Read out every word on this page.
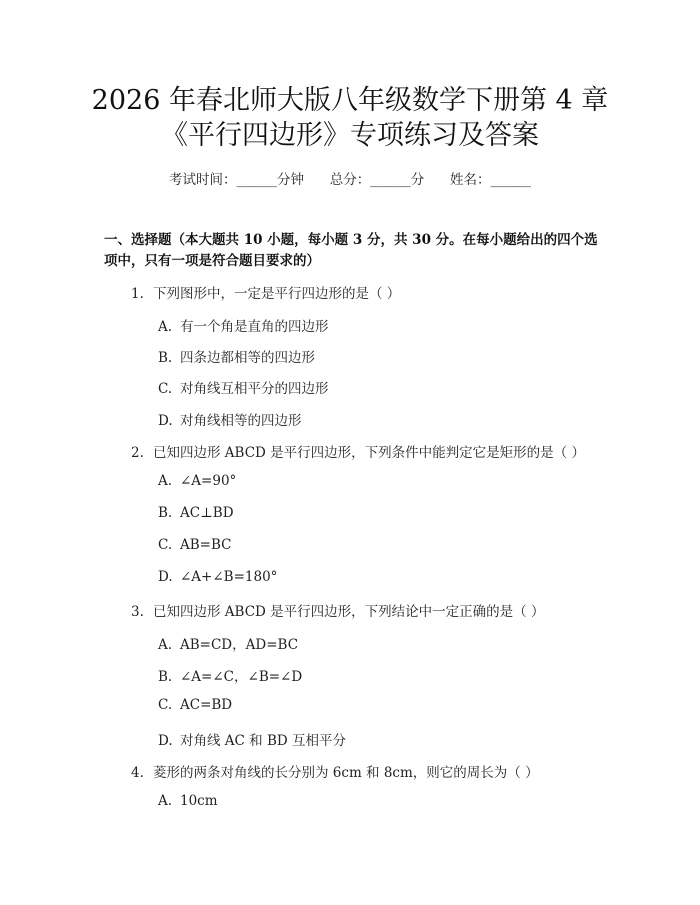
2026 年春北师大版八年级数学下册第 4 章
《平行四边形》专项练习及答案
考试时间：______分钟      总分：______分      姓名：______
一、选择题（本大题共 10 小题，每小题 3 分，共 30 分。在每小题给出的四个选
项中，只有一项是符合题目要求的）
1. 下列图形中，一定是平行四边形的是（ ）
A. 有一个角是直角的四边形
B. 四条边都相等的四边形
C. 对角线互相平分的四边形
D. 对角线相等的四边形
2. 已知四边形 ABCD 是平行四边形，下列条件中能判定它是矩形的是（ ）
A. ∠A=90°
B. AC⊥BD
C. AB=BC
D. ∠A+∠B=180°
3. 已知四边形 ABCD 是平行四边形，下列结论中一定正确的是（ ）
A. AB=CD，AD=BC
B. ∠A=∠C，∠B=∠D
C. AC=BD
D. 对角线 AC 和 BD 互相平分
4. 菱形的两条对角线的长分别为 6cm 和 8cm，则它的周长为（ ）
A. 10cm
